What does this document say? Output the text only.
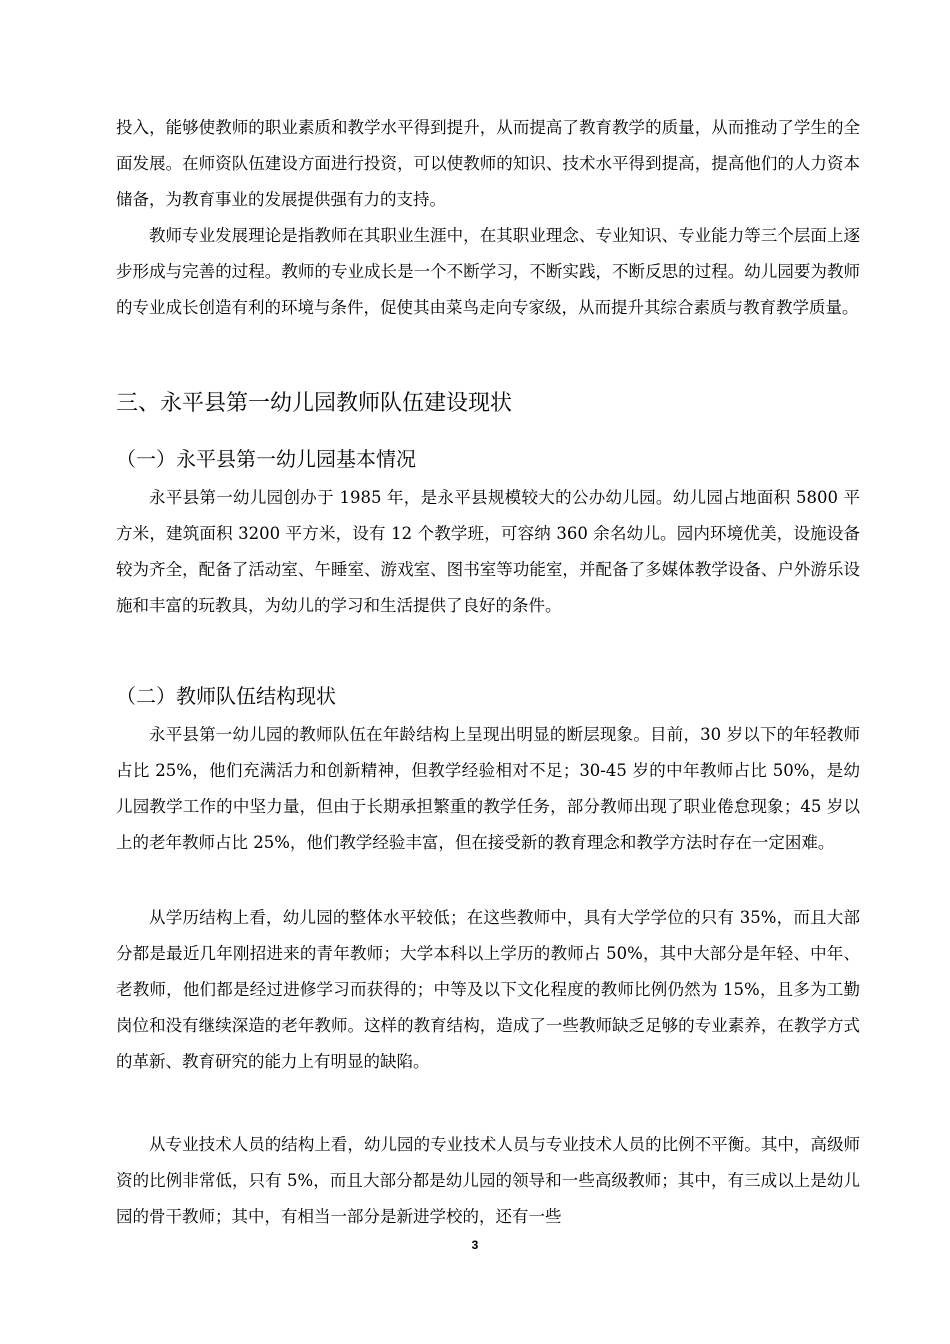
投入，能够使教师的职业素质和教学水平得到提升，从而提高了教育教学的质量，从而推动了学生的全面发展。在师资队伍建设方面进行投资，可以使教师的知识、技术水平得到提高，提高他们的人力资本储备，为教育事业的发展提供强有力的支持。

教师专业发展理论是指教师在其职业生涯中，在其职业理念、专业知识、专业能力等三个层面上逐步形成与完善的过程。教师的专业成长是一个不断学习，不断实践，不断反思的过程。幼儿园要为教师的专业成长创造有利的环境与条件，促使其由菜鸟走向专家级，从而提升其综合素质与教育教学质量。

三、永平县第一幼儿园教师队伍建设现状
（一）永平县第一幼儿园基本情况

永平县第一幼儿园创办于 1985 年，是永平县规模较大的公办幼儿园。幼儿园占地面积 5800 平方米，建筑面积 3200 平方米，设有 12 个教学班，可容纳 360 余名幼儿。园内环境优美，设施设备较为齐全，配备了活动室、午睡室、游戏室、图书室等功能室，并配备了多媒体教学设备、户外游乐设施和丰富的玩教具，为幼儿的学习和生活提供了良好的条件。

（二）教师队伍结构现状

永平县第一幼儿园的教师队伍在年龄结构上呈现出明显的断层现象。目前，30 岁以下的年轻教师占比 25%，他们充满活力和创新精神，但教学经验相对不足；30-45 岁的中年教师占比 50%，是幼儿园教学工作的中坚力量，但由于长期承担繁重的教学任务，部分教师出现了职业倦怠现象；45 岁以上的老年教师占比 25%，他们教学经验丰富，但在接受新的教育理念和教学方法时存在一定困难。

从学历结构上看，幼儿园的整体水平较低；在这些教师中，具有大学学位的只有 35%，而且大部分都是最近几年刚招进来的青年教师；大学本科以上学历的教师占 50%，其中大部分是年轻、中年、老教师，他们都是经过进修学习而获得的；中等及以下文化程度的教师比例仍然为 15%，且多为工勤岗位和没有继续深造的老年教师。这样的教育结构，造成了一些教师缺乏足够的专业素养，在教学方式的革新、教育研究的能力上有明显的缺陷。

从专业技术人员的结构上看，幼儿园的专业技术人员与专业技术人员的比例不平衡。其中，高级师资的比例非常低，只有 5%，而且大部分都是幼儿园的领导和一些高级教师；其中，有三成以上是幼儿园的骨干教师；其中，有相当一部分是新进学校的，还有一些

3
